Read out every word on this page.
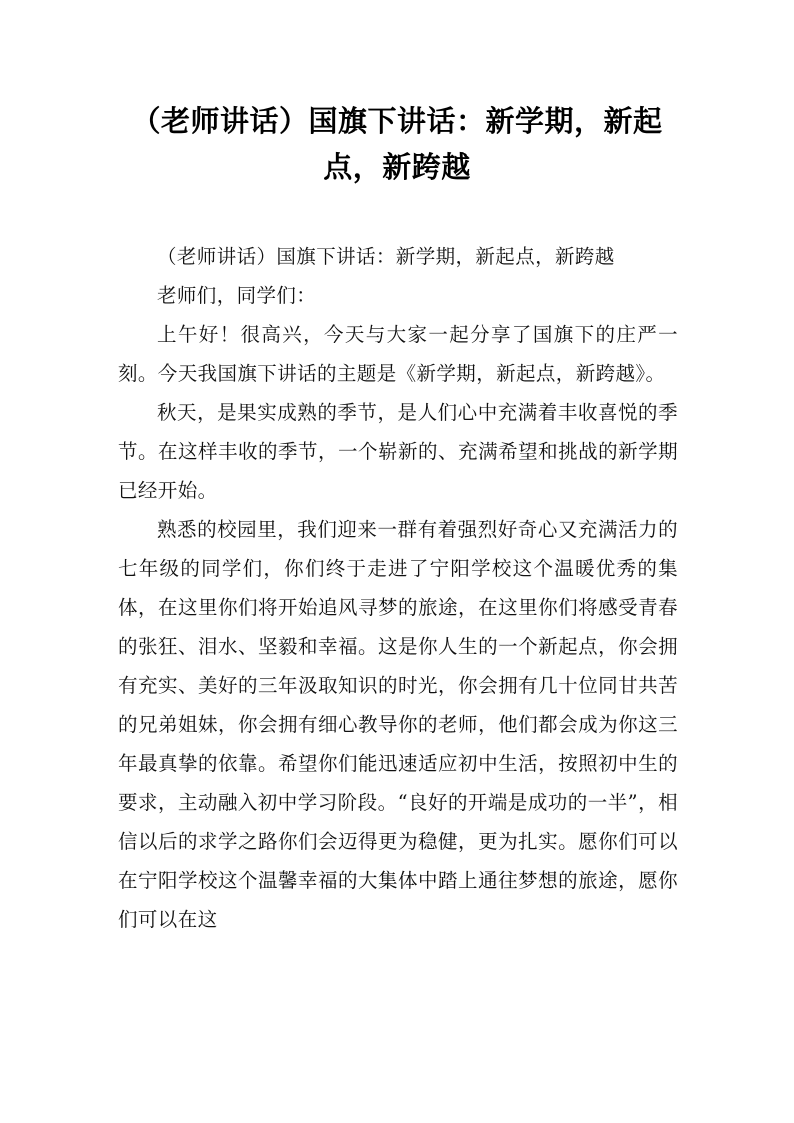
（老师讲话）国旗下讲话：新学期，新起点，新跨越

（老师讲话）国旗下讲话：新学期，新起点，新跨越

老师们，同学们：

上午好！很高兴，今天与大家一起分享了国旗下的庄严一刻。今天我国旗下讲话的主题是《新学期，新起点，新跨越》。

秋天，是果实成熟的季节，是人们心中充满着丰收喜悦的季节。在这样丰收的季节，一个崭新的、充满希望和挑战的新学期已经开始。

熟悉的校园里，我们迎来一群有着强烈好奇心又充满活力的七年级的同学们，你们终于走进了宁阳学校这个温暖优秀的集体，在这里你们将开始追风寻梦的旅途，在这里你们将感受青春的张狂、泪水、坚毅和幸福。这是你人生的一个新起点，你会拥有充实、美好的三年汲取知识的时光，你会拥有几十位同甘共苦的兄弟姐妹，你会拥有细心教导你的老师，他们都会成为你这三年最真挚的依靠。希望你们能迅速适应初中生活，按照初中生的要求，主动融入初中学习阶段。“良好的开端是成功的一半”，相信以后的求学之路你们会迈得更为稳健，更为扎实。愿你们可以在宁阳学校这个温馨幸福的大集体中踏上通往梦想的旅途，愿你们可以在这
